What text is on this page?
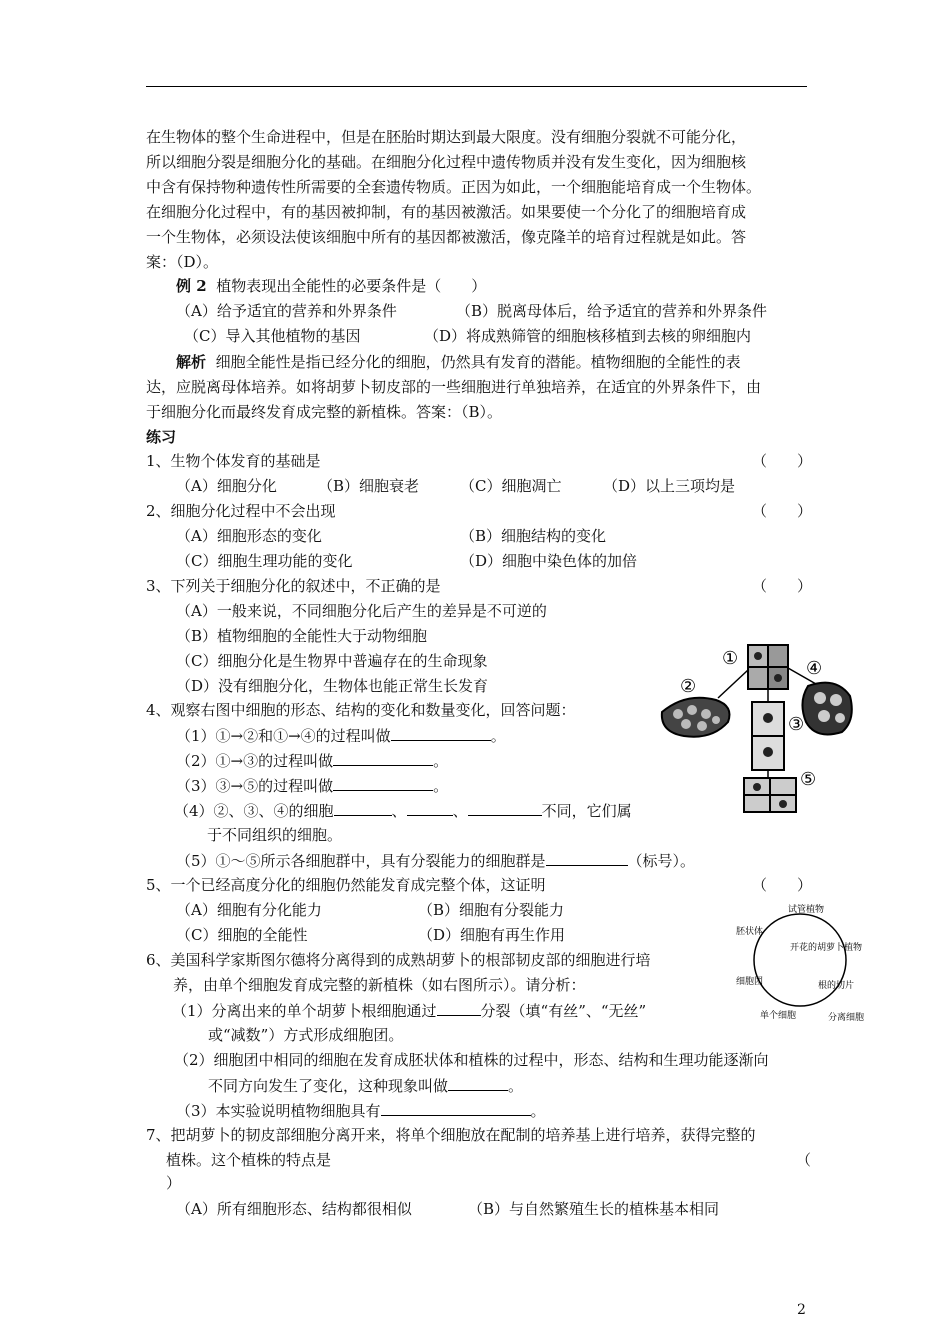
在生物体的整个生命进程中，但是在胚胎时期达到最大限度。没有细胞分裂就不可能分化，
所以细胞分裂是细胞分化的基础。在细胞分化过程中遗传物质并没有发生变化，因为细胞核
中含有保持物种遗传性所需要的全套遗传物质。正因为如此，一个细胞能培育成一个生物体。
在细胞分化过程中，有的基因被抑制，有的基因被激活。如果要使一个分化了的细胞培育成
一个生物体，必须设法使该细胞中所有的基因都被激活，像克隆羊的培育过程就是如此。答
案：（D）。
例 2 植物表现出全能性的必要条件是（　　）
（A）给予适宜的营养和外界条件	（B）脱离母体后，给予适宜的营养和外界条件
（C）导入其他植物的基因	（D）将成熟筛管的细胞核移植到去核的卵细胞内
解析 细胞全能性是指已经分化的细胞，仍然具有发育的潜能。植物细胞的全能性的表
达，应脱离母体培养。如将胡萝卜韧皮部的一些细胞进行单独培养，在适宜的外界条件下，由
于细胞分化而最终发育成完整的新植株。答案：（B）。
练习
1、生物个体发育的基础是	（　　）
（A）细胞分化	（B）细胞衰老	（C）细胞凋亡	（D）以上三项均是
2、细胞分化过程中不会出现	（　　）
（A）细胞形态的变化	（B）细胞结构的变化
（C）细胞生理功能的变化	（D）细胞中染色体的加倍
3、下列关于细胞分化的叙述中，不正确的是	（　　）
（A）一般来说，不同细胞分化后产生的差异是不可逆的
（B）植物细胞的全能性大于动物细胞
（C）细胞分化是生物界中普遍存在的生命现象
（D）没有细胞分化，生物体也能正常生长发育
①
②
③
④
⑤
4、观察右图中细胞的形态、结构的变化和数量变化，回答问题：
（1）①→②和①→④的过程叫做	。
（2）①→③的过程叫做	。
（3）③→⑤的过程叫做	。
（4）②、③、④的细胞	、	、	不同，它们属
于不同组织的细胞。
（5）①～⑤所示各细胞群中，具有分裂能力的细胞群是	（标号）。
5、一个已经高度分化的细胞仍然能发育成完整个体，这证明	（　　）
（A）细胞有分化能力	（B）细胞有分裂能力
（C）细胞的全能性	（D）细胞有再生作用
试管植物
开花的胡萝卜植物
根的切片
分离细胞
单个细胞
细胞团
胚状体
6、美国科学家斯图尔德将分离得到的成熟胡萝卜的根部韧皮部的细胞进行培
养，由单个细胞发育成完整的新植株（如右图所示）。请分析：
（1）分离出来的单个胡萝卜根细胞通过	分裂（填“有丝”、“无丝”
或“减数”）方式形成细胞团。
（2）细胞团中相同的细胞在发育成胚状体和植株的过程中，形态、结构和生理功能逐渐向
不同方向发生了变化，这种现象叫做	。
（3）本实验说明植物细胞具有	。
7、把胡萝卜的韧皮部细胞分离开来，将单个细胞放在配制的培养基上进行培养，获得完整的
植株。这个植株的特点是	（
）
（A）所有细胞形态、结构都很相似	（B）与自然繁殖生长的植株基本相同
2
